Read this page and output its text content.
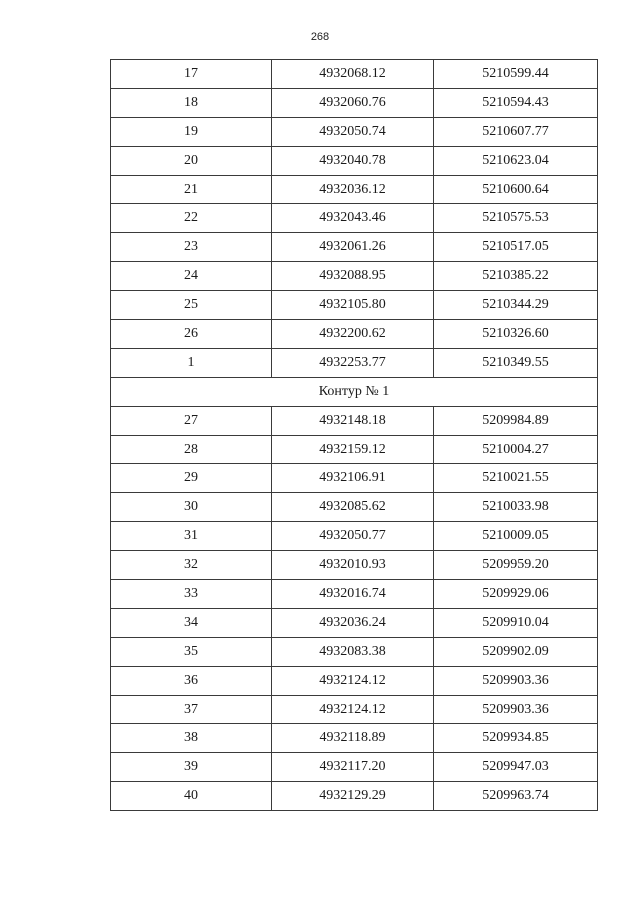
268
17	4932068.12	5210599.44
18	4932060.76	5210594.43
19	4932050.74	5210607.77
20	4932040.78	5210623.04
21	4932036.12	5210600.64
22	4932043.46	5210575.53
23	4932061.26	5210517.05
24	4932088.95	5210385.22
25	4932105.80	5210344.29
26	4932200.62	5210326.60
1	4932253.77	5210349.55
Контур № 1		
27	4932148.18	5209984.89
28	4932159.12	5210004.27
29	4932106.91	5210021.55
30	4932085.62	5210033.98
31	4932050.77	5210009.05
32	4932010.93	5209959.20
33	4932016.74	5209929.06
34	4932036.24	5209910.04
35	4932083.38	5209902.09
36	4932124.12	5209903.36
37	4932124.12	5209903.36
38	4932118.89	5209934.85
39	4932117.20	5209947.03
40	4932129.29	5209963.74
